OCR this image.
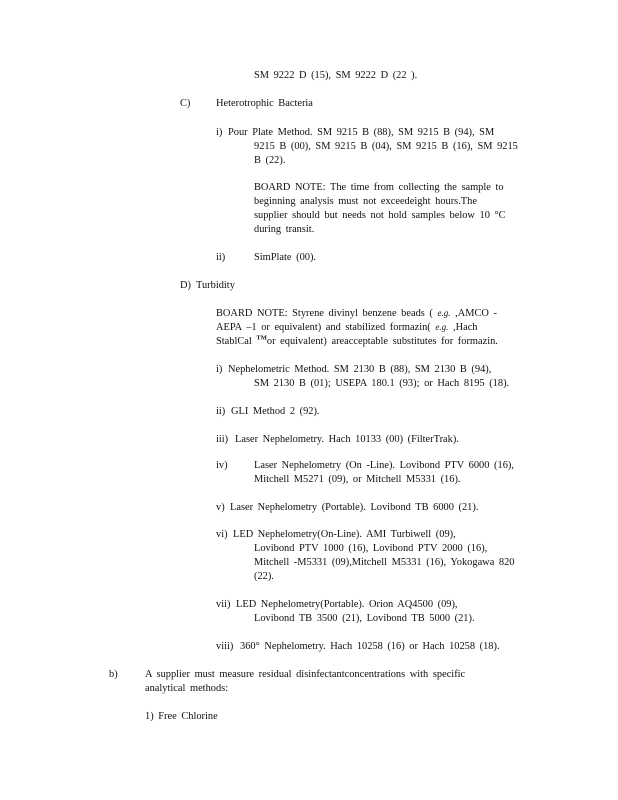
SM 9222 D (15), SM 9222 D (22 ).

C) Heterotrophic Bacteria
i) Pour Plate Method. SM 9215 B (88), SM 9215 B (94), SM

9215 B (00), SM 9215 B (04), SM 9215 B (16), SM 9215

B (22).

BOARD NOTE: The time from collecting the sample to

beginning analysis must not exceedeight hours.The

supplier should but needs not hold samples below 10 °C

during transit.

ii)	SimPlate (00).

D) Turbidity

BOARD NOTE: Styrene divinyl benzene beads ( e.g. ,AMCO -

AEPA –1 or equivalent) and stabilized formazin( e.g. ,Hach

StablCal ™or equivalent) areacceptable substitutes for formazin.

i) Nephelometric Method. SM 2130 B (88), SM 2130 B (94),

SM 2130 B (01); USEPA 180.1 (93); or Hach 8195 (18).

ii) GLI Method 2 (92).

iii) Laser Nephelometry. Hach 10133 (00) (FilterTrak).

iv)	Laser Nephelometry (On -Line). Lovibond PTV 6000 (16),

Mitchell M5271 (09), or Mitchell M5331 (16).

v) Laser Nephelometry (Portable). Lovibond TB 6000 (21).

vi) LED Nephelometry(On-Line). AMI Turbiwell (09),

Lovibond PTV 1000 (16), Lovibond PTV 2000 (16),

Mitchell -M5331 (09),Mitchell M5331 (16), Yokogawa 820

(22).

vii) LED Nephelometry(Portable). Orion AQ4500 (09),

Lovibond TB 3500 (21), Lovibond TB 5000 (21).

viii) 360° Nephelometry. Hach 10258 (16) or Hach 10258 (18).

b)	A supplier must measure residual disinfectantconcentrations with specific

analytical methods:

1) Free Chlorine
